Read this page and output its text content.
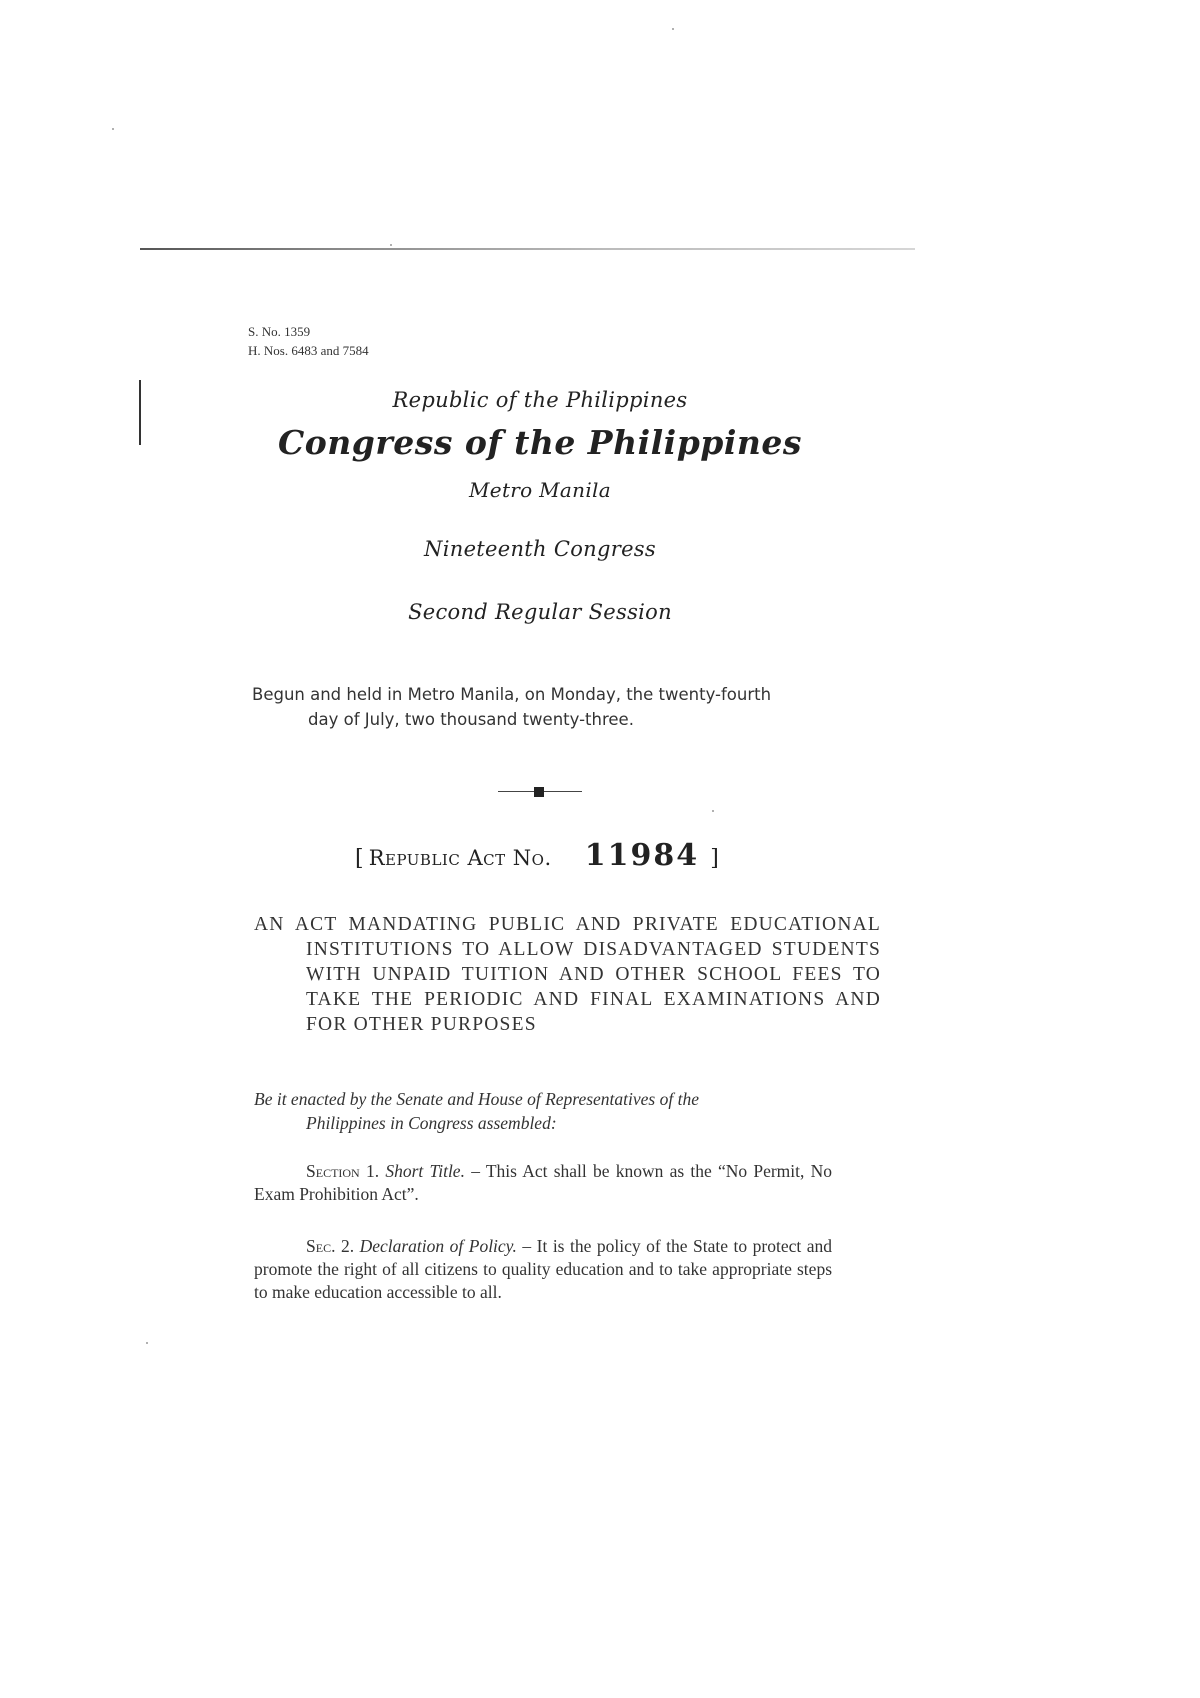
S. No. 1359
H. Nos. 6483 and 7584
Republic of the Philippines
Congress of the Philippines
Metro Manila
Nineteenth Congress
Second Regular Session
Begun and held in Metro Manila, on Monday, the twenty-fourth
day of July, two thousand twenty-three.
[ Republic Act No. 11984 ]
AN ACT MANDATING PUBLIC AND PRIVATE EDUCATIONAL INSTITUTIONS TO ALLOW DISADVANTAGED STUDENTS WITH UNPAID TUITION AND OTHER SCHOOL FEES TO TAKE THE PERIODIC AND FINAL EXAMINATIONS AND FOR OTHER PURPOSES
Be it enacted by the Senate and House of Representatives of the
Philippines in Congress assembled:

Section 1. Short Title. – This Act shall be known as the “No Permit, No Exam Prohibition Act”.

Sec. 2. Declaration of Policy. – It is the policy of the State to protect and promote the right of all citizens to quality education and to take appropriate steps to make education accessible to all.
